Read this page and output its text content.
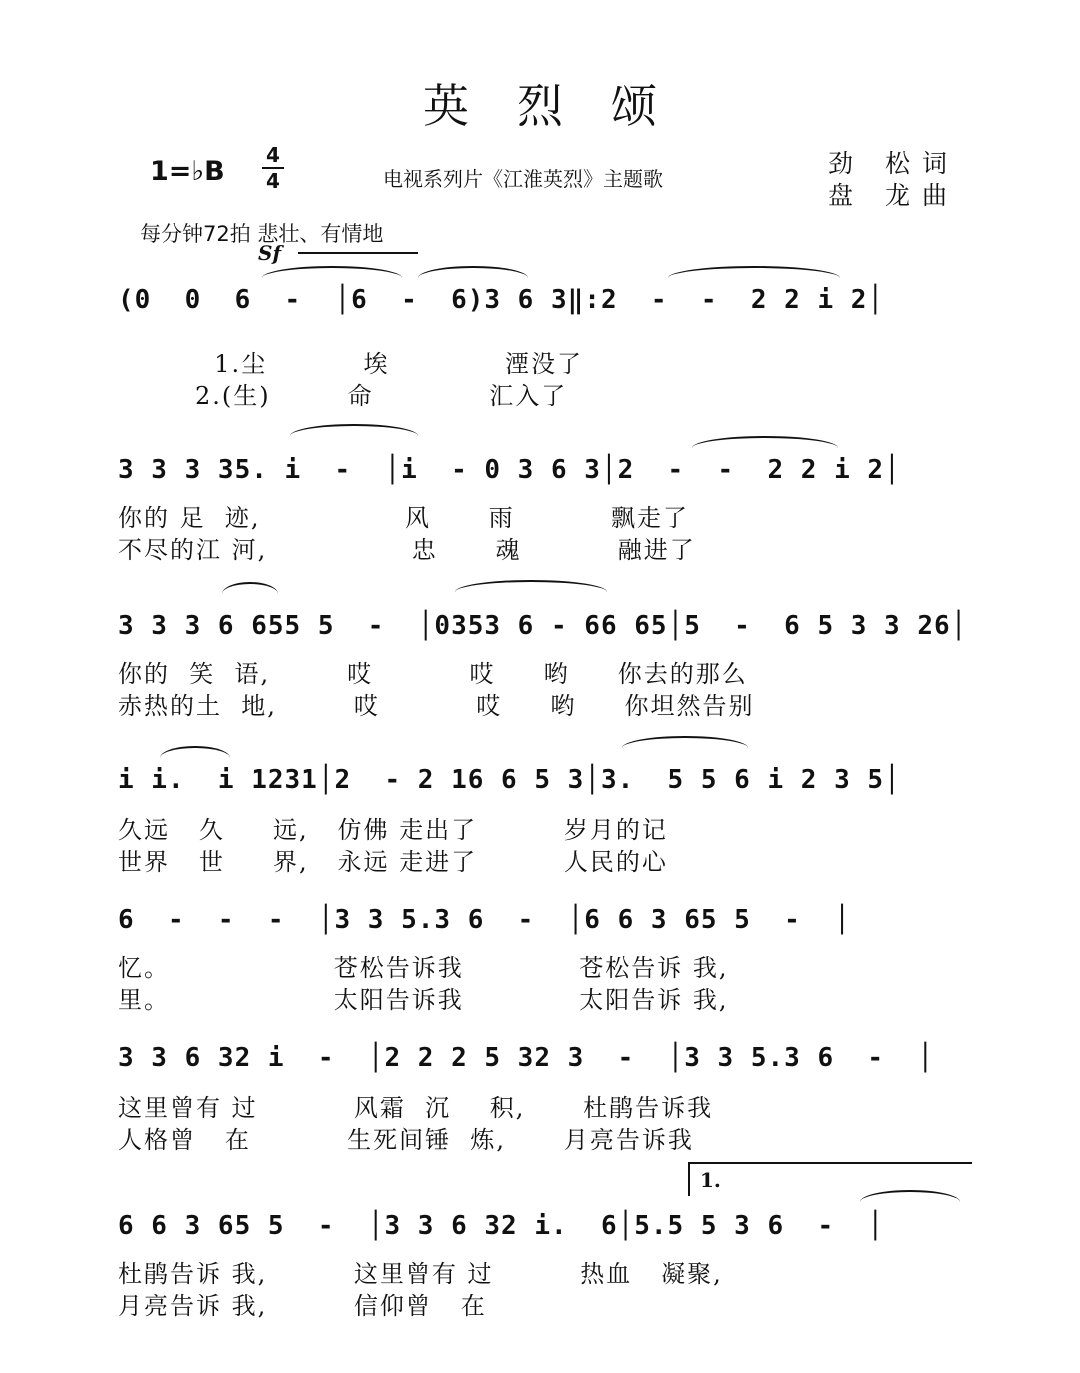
英烈颂
1=♭B
4
4	电视系列片《江淮英烈》主题歌
劲 松词
盘 龙曲
每分钟72拍 悲壮、有情地
Sf
(0  0  6  -  │6  -  6)3 6 3‖:2  -  -  2 2 i 2│
1.尘          埃            湮没了
2.(生)        命            汇入了
3 3 3 35. i  -  │i  - 0 3 6 3│2  -  -  2 2 i 2│
你的 足  迹,               风      雨          飘走了
不尽的江 河,               忠      魂          融进了
3 3 3 6 655 5  -  │0353 6 - 66 65│5  -  6 5 3 3 26│
你的  笑  语,        哎          哎     哟     你去的那么
赤热的土  地,        哎          哎     哟     你坦然告别
i i.  i 1231│2  - 2 16 6 5 3│3.  5 5 6 i 2 3 5│
久远   久     远,   仿佛 走出了         岁月的记
世界   世     界,   永远 走进了         人民的心
6  -  -  -  │3 3 5.3 6  -  │6 6 3 65 5  -  │
忆。                 苍松告诉我            苍松告诉 我,
里。                 太阳告诉我            太阳告诉 我,
3 3 6 32 i  -  │2 2 2 5 32 3  -  │3 3 5.3 6  -  │
这里曾有 过          风霜  沉    积,      杜鹃告诉我
人格曾   在          生死间锤  炼,      月亮告诉我
1.
6 6 3 65 5  -  │3 3 6 32 i.  6│5.5 5 3 6  -  │
杜鹃告诉 我,         这里曾有 过         热血   凝聚,
月亮告诉 我,         信仰曾   在
